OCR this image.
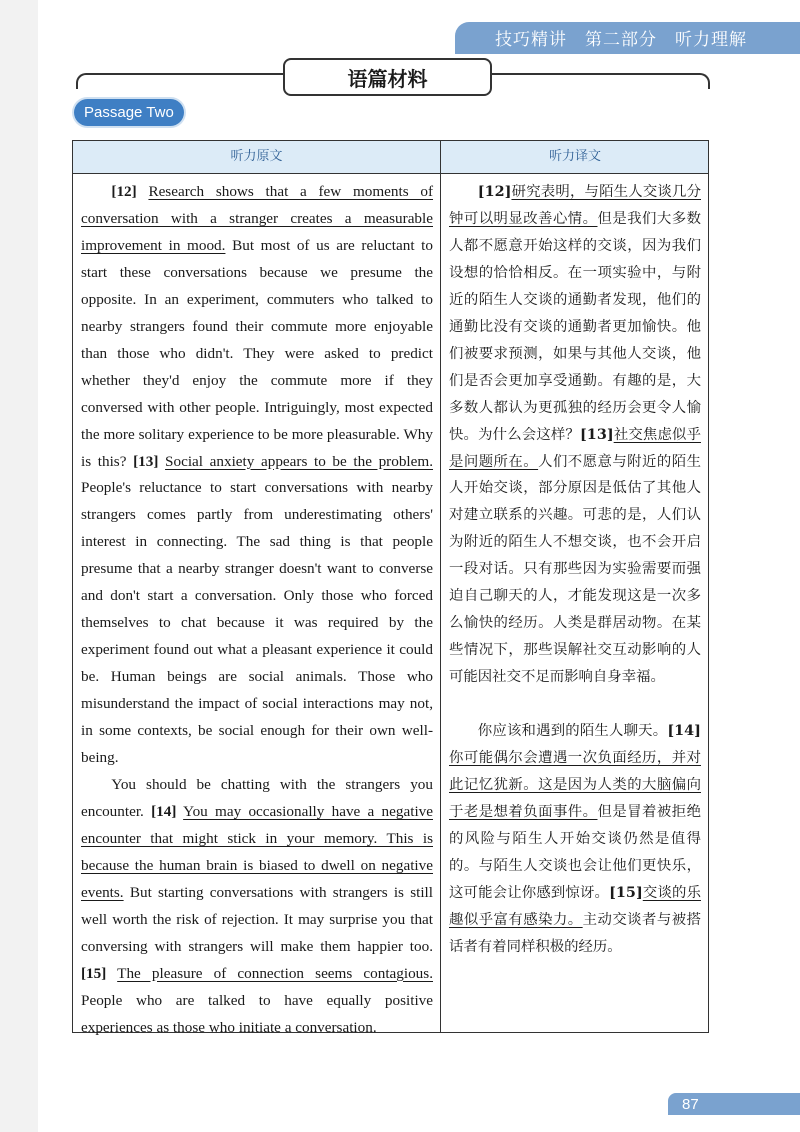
技巧精讲　第二部分　听力理解
语篇材料
Passage Two
听力原文	听力译文

[12] Research shows that a few moments of conversation with a stranger creates a measurable improvement in mood. But most of us are reluctant to start these conversations because we presume the opposite. In an experiment, commuters who talked to nearby strangers found their commute more enjoyable than those who didn't. They were asked to predict whether they'd enjoy the commute more if they conversed with other people. Intriguingly, most expected the more solitary experience to be more pleasurable. Why is this? [13] Social anxiety appears to be the problem. People's reluctance to start conversations with nearby strangers comes partly from underestimating others' interest in connecting. The sad thing is that people presume that a nearby stranger doesn't want to converse and don't start a conversation. Only those who forced themselves to chat because it was required by the experiment found out what a pleasant experience it could be. Human beings are social animals. Those who misunderstand the impact of social interactions may not, in some contexts, be social enough for their own well-being.

You should be chatting with the strangers you encounter. [14] You may occasionally have a negative encounter that might stick in your memory. This is because the human brain is biased to dwell on negative events. But starting conversations with strangers is still well worth the risk of rejection. It may surprise you that conversing with strangers will make them happier too. [15] The pleasure of connection seems contagious. People who are talked to have equally positive experiences as those who initiate a conversation.

[12]研究表明，与陌生人交谈几分钟可以明显改善心情。但是我们大多数人都不愿意开始这样的交谈，因为我们设想的恰恰相反。在一项实验中，与附近的陌生人交谈的通勤者发现，他们的通勤比没有交谈的通勤者更加愉快。他们被要求预测，如果与其他人交谈，他们是否会更加享受通勤。有趣的是，大多数人都认为更孤独的经历会更令人愉快。为什么会这样？[13]社交焦虑似乎是问题所在。人们不愿意与附近的陌生人开始交谈，部分原因是低估了其他人对建立联系的兴趣。可悲的是，人们认为附近的陌生人不想交谈，也不会开启一段对话。只有那些因为实验需要而强迫自己聊天的人，才能发现这是一次多么愉快的经历。人类是群居动物。在某些情况下，那些误解社交互动影响的人可能因社交不足而影响自身幸福。

你应该和遇到的陌生人聊天。[14]你可能偶尔会遭遇一次负面经历，并对此记忆犹新。这是因为人类的大脑偏向于老是想着负面事件。但是冒着被拒绝的风险与陌生人开始交谈仍然是值得的。与陌生人交谈也会让他们更快乐，这可能会让你感到惊讶。[15]交谈的乐趣似乎富有感染力。主动交谈者与被搭话者有着同样积极的经历。

87
